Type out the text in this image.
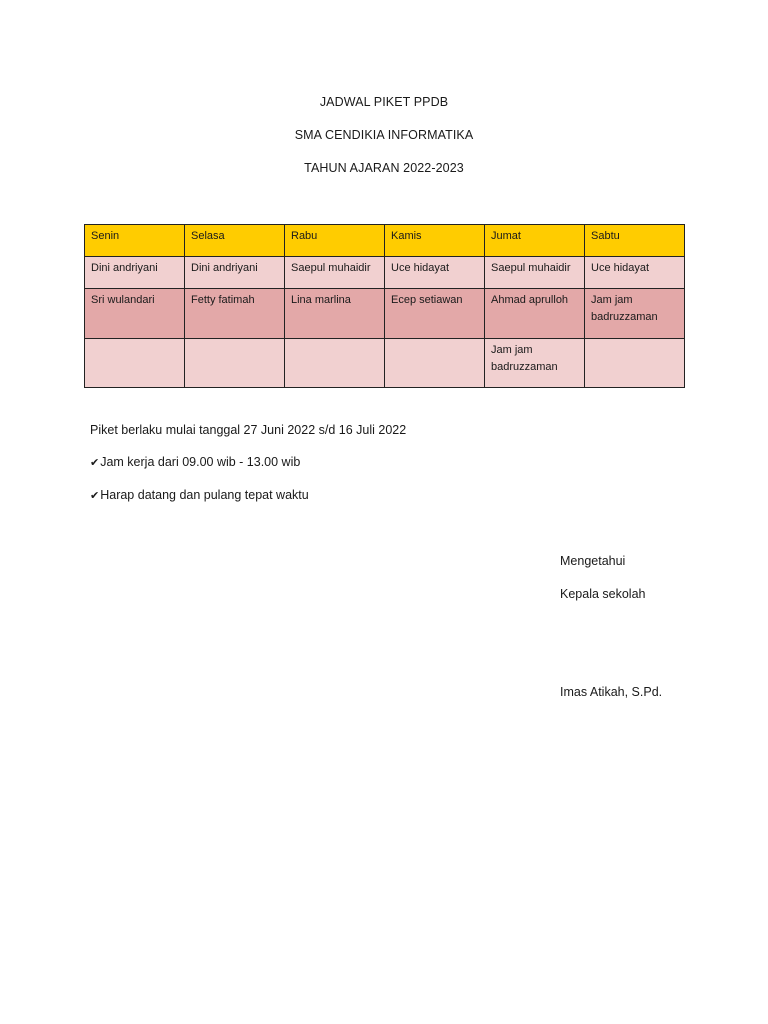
JADWAL PIKET PPDB
SMA CENDIKIA INFORMATIKA
TAHUN AJARAN 2022-2023
Senin	Selasa	Rabu	Kamis	Jumat	Sabtu
Dini andriyani	Dini andriyani	Saepul muhaidir	Uce hidayat	Saepul muhaidir	Uce hidayat
Sri wulandari	Fetty fatimah	Lina marlina	Ecep setiawan	Ahmad aprulloh	Jam jam badruzzaman
				Jam jam badruzzaman	
Piket berlaku mulai tanggal 27 Juni 2022 s/d 16 Juli 2022
✔Jam kerja dari 09.00 wib - 13.00 wib
✔Harap datang dan pulang tepat waktu
Mengetahui
Kepala sekolah
Imas Atikah, S.Pd.
